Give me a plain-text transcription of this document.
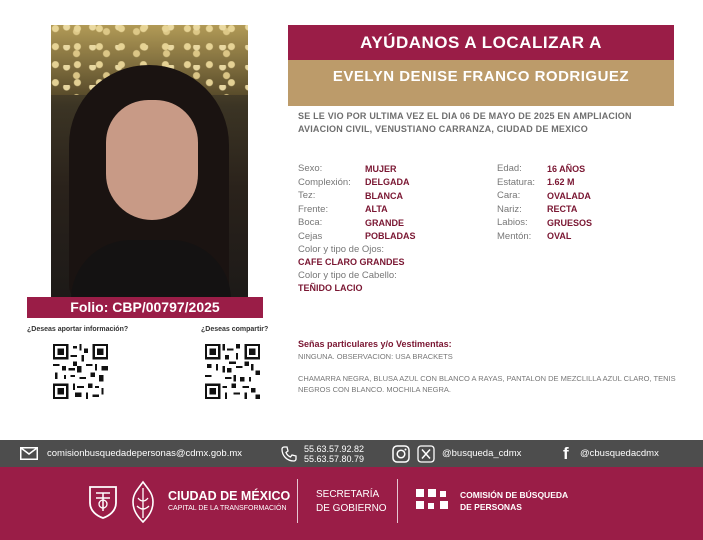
Folio: CBP/00797/2025
¿Deseas aportar información?	¿Deseas compartir?
AYÚDANOS A LOCALIZAR A
EVELYN DENISE FRANCO RODRIGUEZ
SE LE VIO POR ULTIMA VEZ EL DIA 06 DE MAYO DE 2025 EN AMPLIACION AVIACION CIVIL, VENUSTIANO CARRANZA, CIUDAD DE MEXICO
Sexo:	MUJER
Complexión: DELGADA
Tez:	BLANCA
Frente:	ALTA
Boca:	GRANDE
Cejas	POBLADAS
Edad:	16 AÑOS
Estatura: 1.62 M
Cara:	OVALADA
Nariz:	RECTA
Labios: GRUESOS
Mentón: OVAL
Color y tipo de Ojos:
CAFE CLARO GRANDES
Color y tipo de Cabello:
TEÑIDO LACIO
Señas particulares y/o Vestimentas:
NINGUNA. OBSERVACION: USA BRACKETS
CHAMARRA NEGRA, BLUSA AZUL CON BLANCO A RAYAS, PANTALON DE MEZCLILLA AZUL CLARO, TENIS NEGROS CON BLANCO. MOCHILA NEGRA.
comisionbusquedadepersonas@cdmx.gob.mx	55.63.57.92.82
55.63.57.80.79	@busqueda_cdmx f @cbusquedacdmx
CIUDAD DE MÉXICO
CAPITAL DE LA TRANSFORMACIÓN
SECRETARÍA
DE GOBIERNO
COMISIÓN DE BÚSQUEDA
DE PERSONAS
